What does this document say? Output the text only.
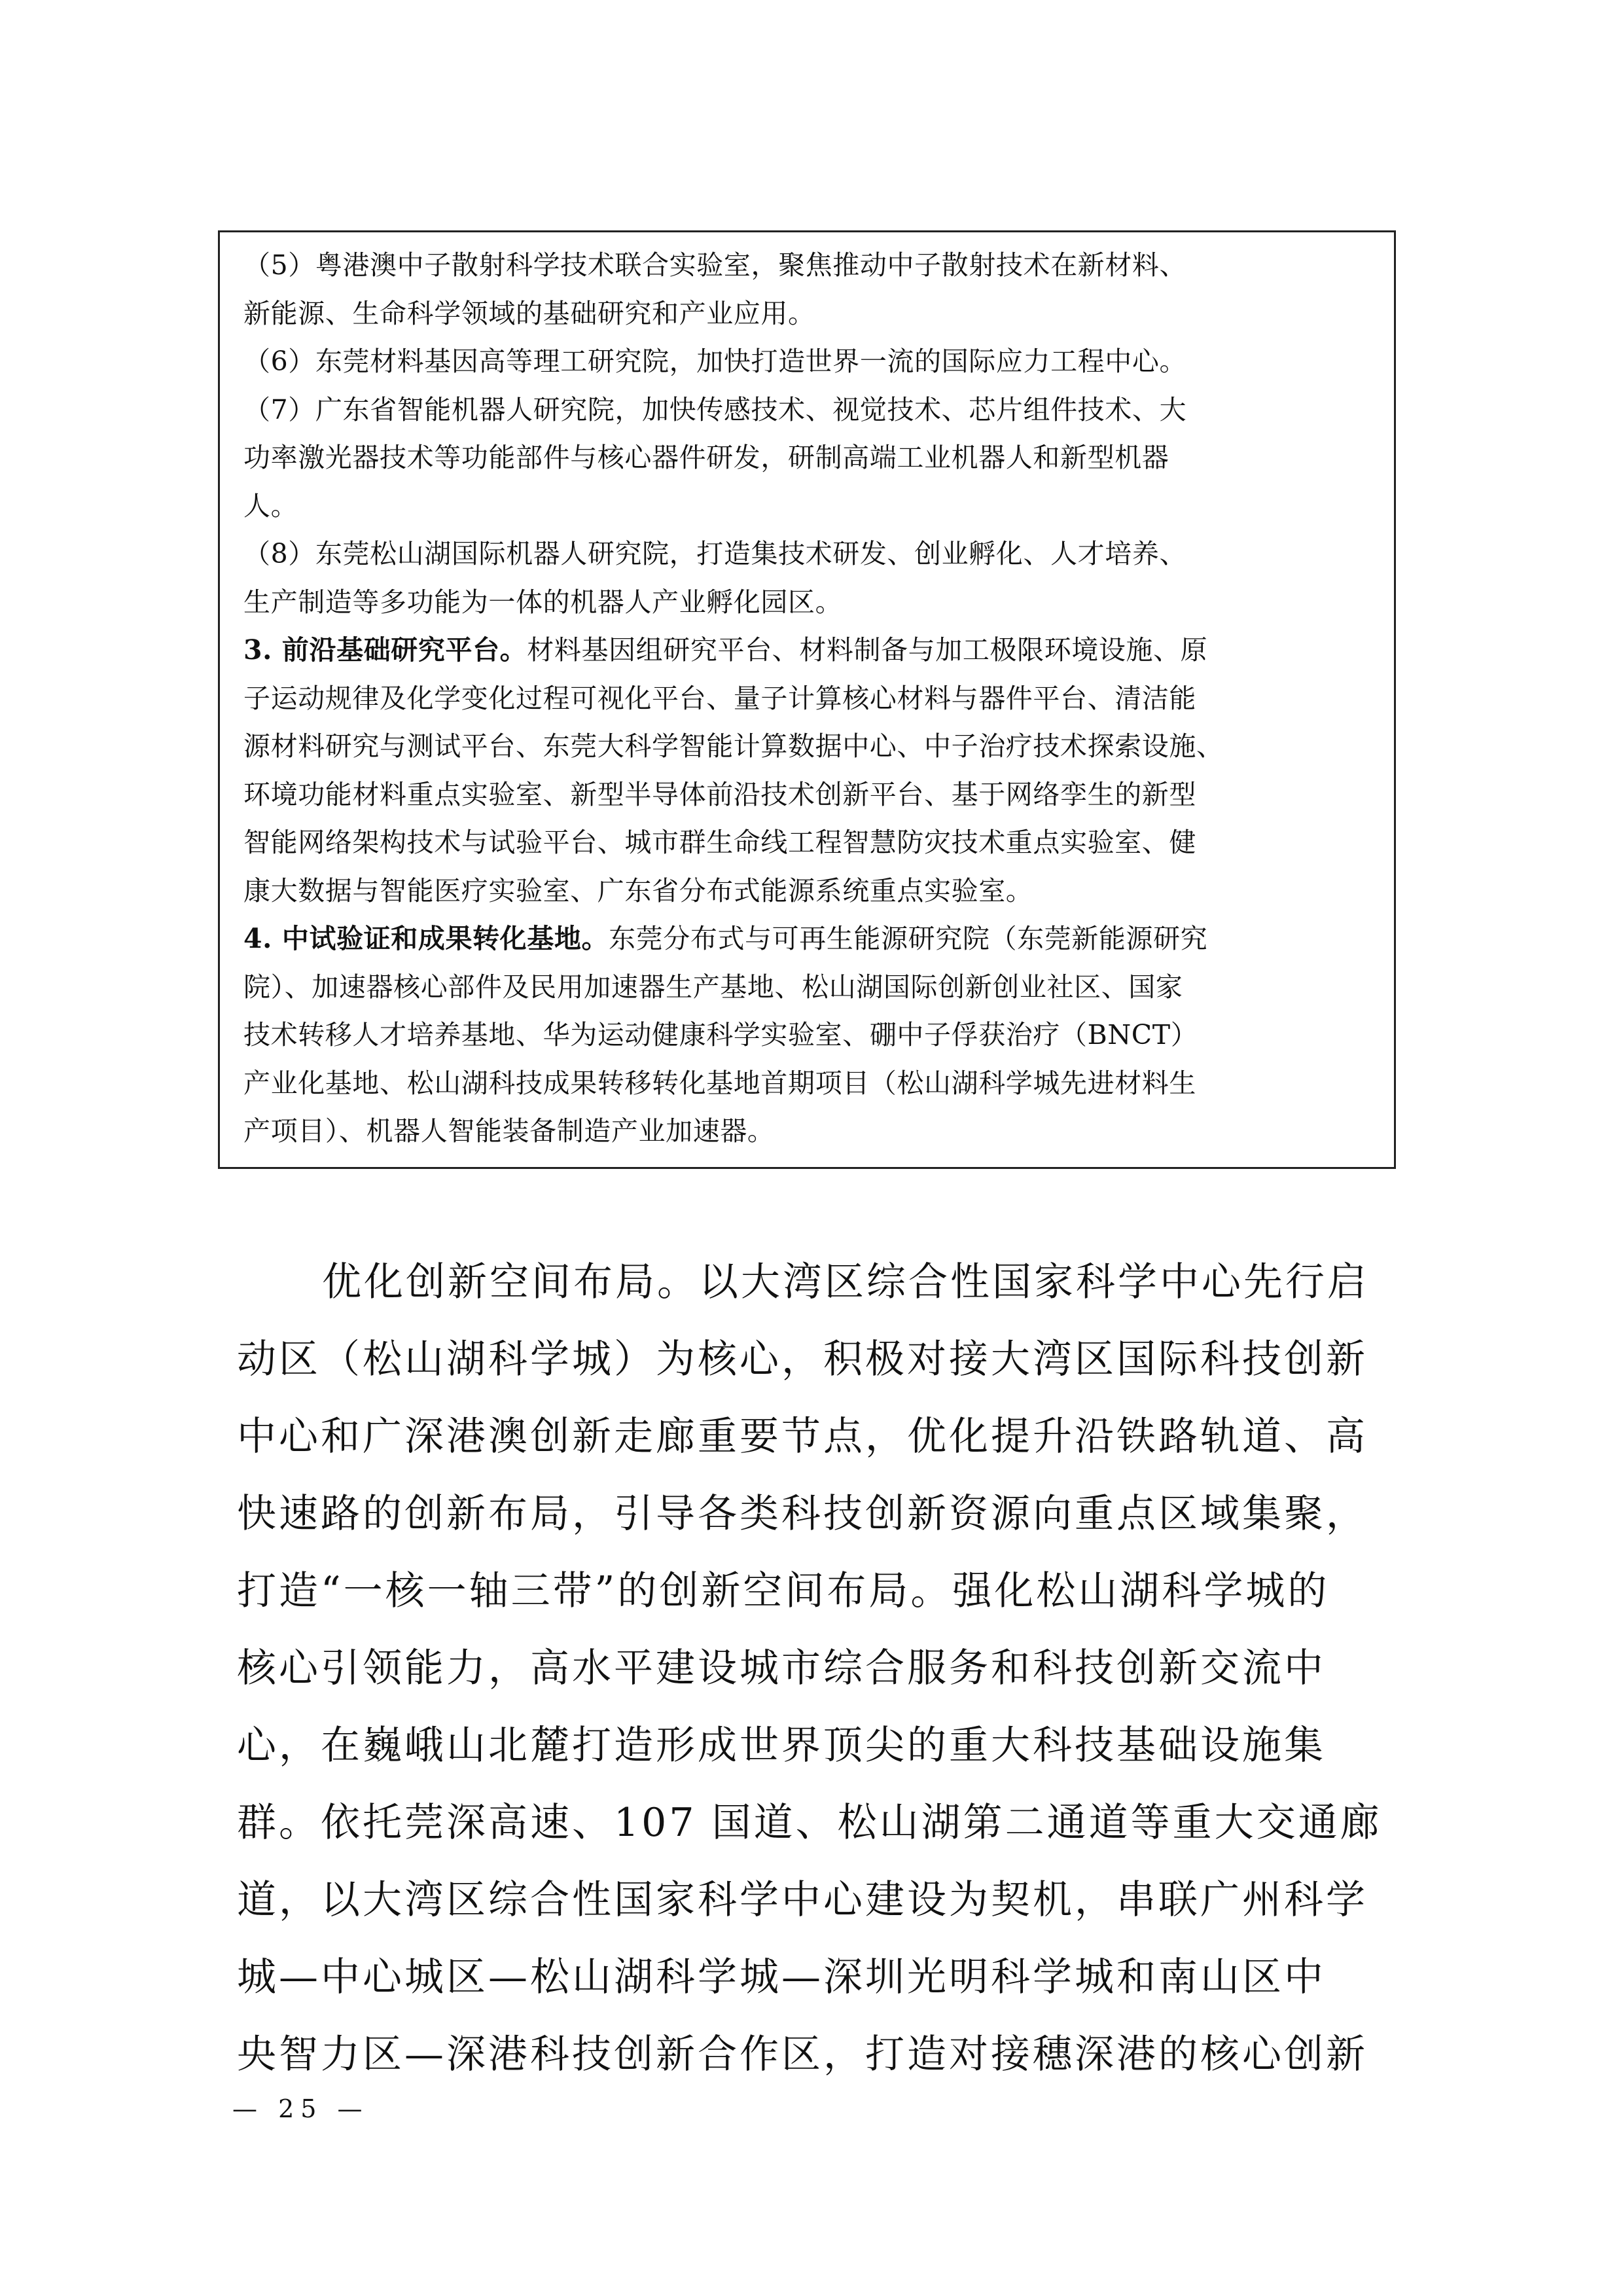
（5）粤港澳中子散射科学技术联合实验室，聚焦推动中子散射技术在新材料、

新能源、生命科学领域的基础研究和产业应用。

（6）东莞材料基因高等理工研究院，加快打造世界一流的国际应力工程中心。

（7）广东省智能机器人研究院，加快传感技术、视觉技术、芯片组件技术、大

功率激光器技术等功能部件与核心器件研发，研制高端工业机器人和新型机器

人。

（8）东莞松山湖国际机器人研究院，打造集技术研发、创业孵化、人才培养、

生产制造等多功能为一体的机器人产业孵化园区。

3. 前沿基础研究平台。材料基因组研究平台、材料制备与加工极限环境设施、原

子运动规律及化学变化过程可视化平台、量子计算核心材料与器件平台、清洁能

源材料研究与测试平台、东莞大科学智能计算数据中心、中子治疗技术探索设施、

环境功能材料重点实验室、新型半导体前沿技术创新平台、基于网络孪生的新型

智能网络架构技术与试验平台、城市群生命线工程智慧防灾技术重点实验室、健

康大数据与智能医疗实验室、广东省分布式能源系统重点实验室。

4. 中试验证和成果转化基地。东莞分布式与可再生能源研究院（东莞新能源研究

院）、加速器核心部件及民用加速器生产基地、松山湖国际创新创业社区、国家

技术转移人才培养基地、华为运动健康科学实验室、硼中子俘获治疗（BNCT）

产业化基地、松山湖科技成果转移转化基地首期项目（松山湖科学城先进材料生

产项目）、机器人智能装备制造产业加速器。

优化创新空间布局。以大湾区综合性国家科学中心先行启

动区（松山湖科学城）为核心，积极对接大湾区国际科技创新

中心和广深港澳创新走廊重要节点，优化提升沿铁路轨道、高

快速路的创新布局，引导各类科技创新资源向重点区域集聚，

打造“一核一轴三带”的创新空间布局。强化松山湖科学城的

核心引领能力，高水平建设城市综合服务和科技创新交流中

心，在巍峨山北麓打造形成世界顶尖的重大科技基础设施集

群。依托莞深高速、107 国道、松山湖第二通道等重大交通廊

道，以大湾区综合性国家科学中心建设为契机，串联广州科学

城—中心城区—松山湖科学城—深圳光明科学城和南山区中

央智力区—深港科技创新合作区，打造对接穗深港的核心创新

— 25 —
